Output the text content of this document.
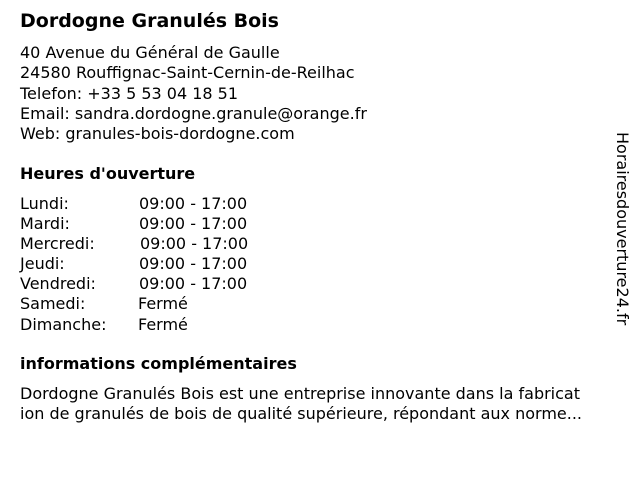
Dordogne Granulés Bois
40 Avenue du Général de Gaulle
24580 Rouffignac-Saint-Cernin-de-Reilhac
Telefon: +33 5 53 04 18 51
Email: sandra.dordogne.granule@orange.fr
Web: granules-bois-dordogne.com
Heures d'ouverture
Lundi:	09:00 - 17:00
Mardi:	09:00 - 17:00
Mercredi:	09:00 - 17:00
Jeudi:	09:00 - 17:00
Vendredi:	09:00 - 17:00
Samedi:	Fermé
Dimanche: Fermé
informations complémentaires
Dordogne Granulés Bois est une entreprise innovante dans la fabricat
ion de granulés de bois de qualité supérieure, répondant aux norme...
Horairesdouverture24.fr
